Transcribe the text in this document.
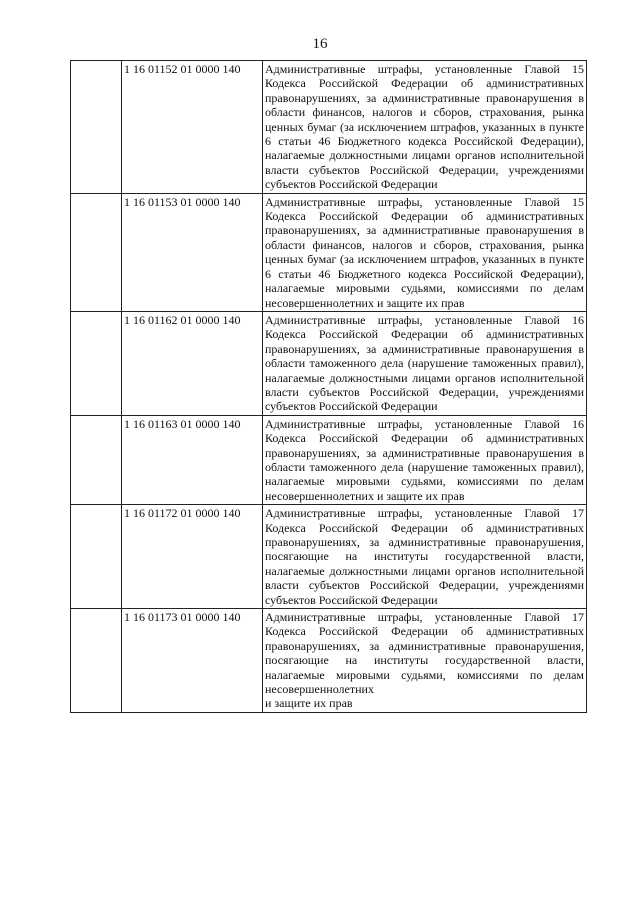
16
	1 16 01152 01 0000 140	Административные штрафы, установленные Главой 15 Кодекса Российской Федерации об административных правонарушениях, за административные правонарушения в области финансов, налогов и сборов, страхования, рынка ценных бумаг (за исключением штрафов, указанных в пункте 6 статьи 46 Бюджетного кодекса Российской Федерации), налагаемые должностными лицами органов исполнительной власти субъектов Российской Федерации, учреждениями субъектов Российской Федерации
	1 16 01153 01 0000 140	Административные штрафы, установленные Главой 15 Кодекса Российской Федерации об административных правонарушениях, за административные правонарушения в области финансов, налогов и сборов, страхования, рынка ценных бумаг (за исключением штрафов, указанных в пункте 6 статьи 46 Бюджетного кодекса Российской Федерации), налагаемые мировыми судьями, комиссиями по делам несовершеннолетних и защите их прав
	1 16 01162 01 0000 140	Административные штрафы, установленные Главой 16 Кодекса Российской Федерации об административных правонарушениях, за административные правонарушения в области таможенного дела (нарушение таможенных правил), налагаемые должностными лицами органов исполнительной власти субъектов Российской Федерации, учреждениями субъектов Российской Федерации
	1 16 01163 01 0000 140	Административные штрафы, установленные Главой 16 Кодекса Российской Федерации об административных правонарушениях, за административные правонарушения в области таможенного дела (нарушение таможенных правил), налагаемые мировыми судьями, комиссиями по делам несовершеннолетних и защите их прав
	1 16 01172 01 0000 140	Административные штрафы, установленные Главой 17 Кодекса Российской Федерации об административных правонарушениях, за административные правонарушения, посягающие на институты государственной власти, налагаемые должностными лицами органов исполнительной власти субъектов Российской Федерации, учреждениями субъектов Российской Федерации
	1 16 01173 01 0000 140	Административные штрафы, установленные Главой 17 Кодекса Российской Федерации об административных правонарушениях, за административные правонарушения, посягающие на институты государственной власти, налагаемые мировыми судьями, комиссиями по делам несовершеннолетних
и защите их прав
